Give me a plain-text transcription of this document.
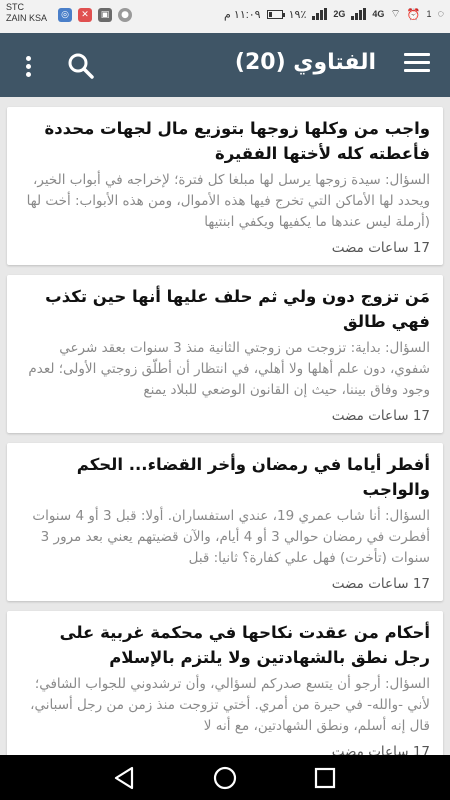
STC
ZAIN KSA	◎	✕	▣	●	١١:٠٩ م	١٩٪	2G	4G ⌔ ⏰ 1 ◌
الفتاوي (20)
واجب من وكلها زوجها بتوزيع مال لجهات محددة فأعطته كله لأختها الفقيرة
السؤال: سيدة زوجها يرسل لها مبلغا كل فترة؛ لإخراجه في أبواب الخير، ويحدد لها الأماكن التي تخرج فيها هذه الأموال، ومن هذه الأبواب: أخت لها (أرملة ليس عندها ما يكفيها ويكفي ابنتيها
17 ساعات مضت
مَن تزوج دون ولي ثم حلف عليها أنها حين تكذب فهي طالق
السؤال: بداية: تزوجت من زوجتي الثانية منذ 3 سنوات بعقد شرعي شفوي، دون علم أهلها ولا أهلي، في انتظار أن أطلّق زوجتي الأولى؛ لعدم وجود وفاق بيننا، حيث إن القانون الوضعي للبلاد يمنع
17 ساعات مضت
أفطر أياما في رمضان وأخر القضاء... الحكم والواجب
السؤال: أنا شاب عمري 19، عندي استفساران. أولا: قبل 3 أو 4 سنوات أفطرت في رمضان حوالي 3 أو 4 أيام، والآن قضيتهم يعني بعد مرور 3 سنوات (تأخرت) فهل علي كفارة؟ ثانيا: قبل
17 ساعات مضت
أحكام من عقدت نكاحها في محكمة غربية على رجل نطق بالشهادتين ولا يلتزم بالإسلام
السؤال: أرجو أن يتسع صدركم لسؤالي، وأن ترشدوني للجواب الشافي؛ لأني -والله- في حيرة من أمري. أختي تزوجت منذ زمن من رجل أسباني، قال إنه أسلم، ونطق الشهادتين، مع أنه لا
17 ساعات مضت
